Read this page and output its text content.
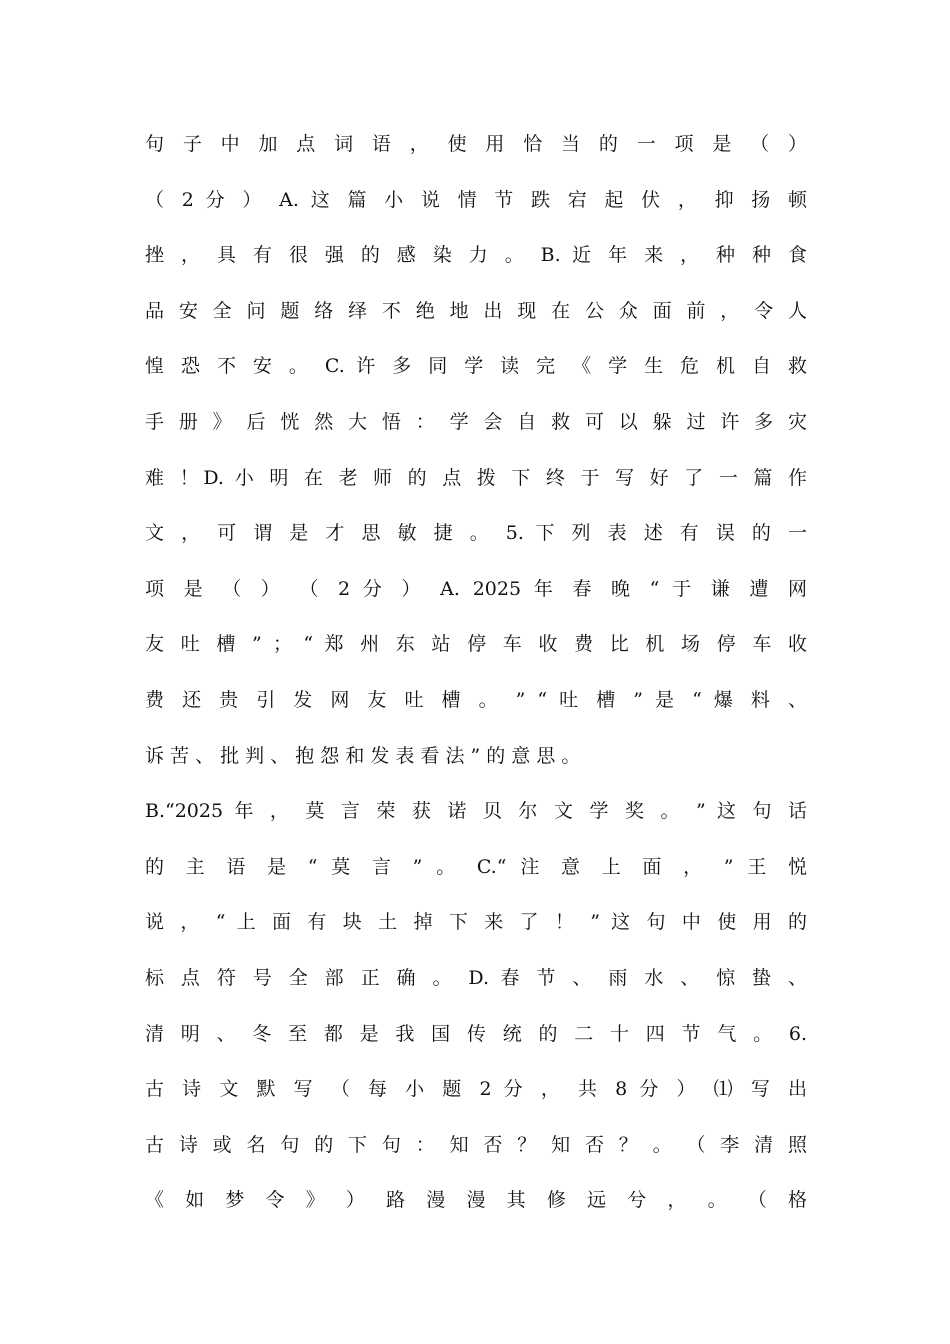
句 子 中 加 点 词 语 ， 使 用 恰 当 的 一 项 是 （ ）
（ 2 分 ） A. 这 篇 小 说 情 节 跌 宕 起 伏 ， 抑 扬 顿
挫 ， 具 有 很 强 的 感 染 力 。 B. 近 年 来 ， 种 种 食
品 安 全 问 题 络 绎 不 绝 地 出 现 在 公 众 面 前 ， 令 人
惶 恐 不 安 。 C. 许 多 同 学 读 完 《 学 生 危 机 自 救
手 册 》 后 恍 然 大 悟 ： 学 会 自 救 可 以 躲 过 许 多 灾
难 ！D. 小 明 在 老 师 的 点 拨 下 终 于 写 好 了 一 篇 作
文 ， 可 谓 是 才 思 敏 捷 。 5. 下 列 表 述 有 误 的 一
项 是 （ ） （ 2 分 ） A. 2025 年 春 晚 “ 于 谦 遭 网
友 吐 槽 ” ； “ 郑 州 东 站 停 车 收 费 比 机 场 停 车 收
费 还 贵 引 发 网 友 吐 槽 。 ” “ 吐 槽 ” 是 “ 爆 料 、
诉 苦 、 批 判 、 抱 怨 和 发 表 看 法 ” 的 意 思 。
B.“2025 年 ， 莫 言 荣 获 诺 贝 尔 文 学 奖 。 ” 这 句 话
的 主 语 是 “ 莫 言 ” 。 C.“ 注 意 上 面 ， ” 王 悦
说 ， “ 上 面 有 块 土 掉 下 来 了 ！ ” 这 句 中 使 用 的
标 点 符 号 全 部 正 确 。 D. 春 节 、 雨 水 、 惊 蛰 、
清 明 、 冬 至 都 是 我 国 传 统 的 二 十 四 节 气 。 6.
古 诗 文 默 写 （ 每 小 题 2 分 ， 共 8 分 ） ⑴ 写 出
古 诗 或 名 句 的 下 句 ： 知 否 ？ 知 否 ？ 。 （ 李 清 照
《 如 梦 令 》 ） 路 漫 漫 其 修 远 兮 ， 。 （ 格
